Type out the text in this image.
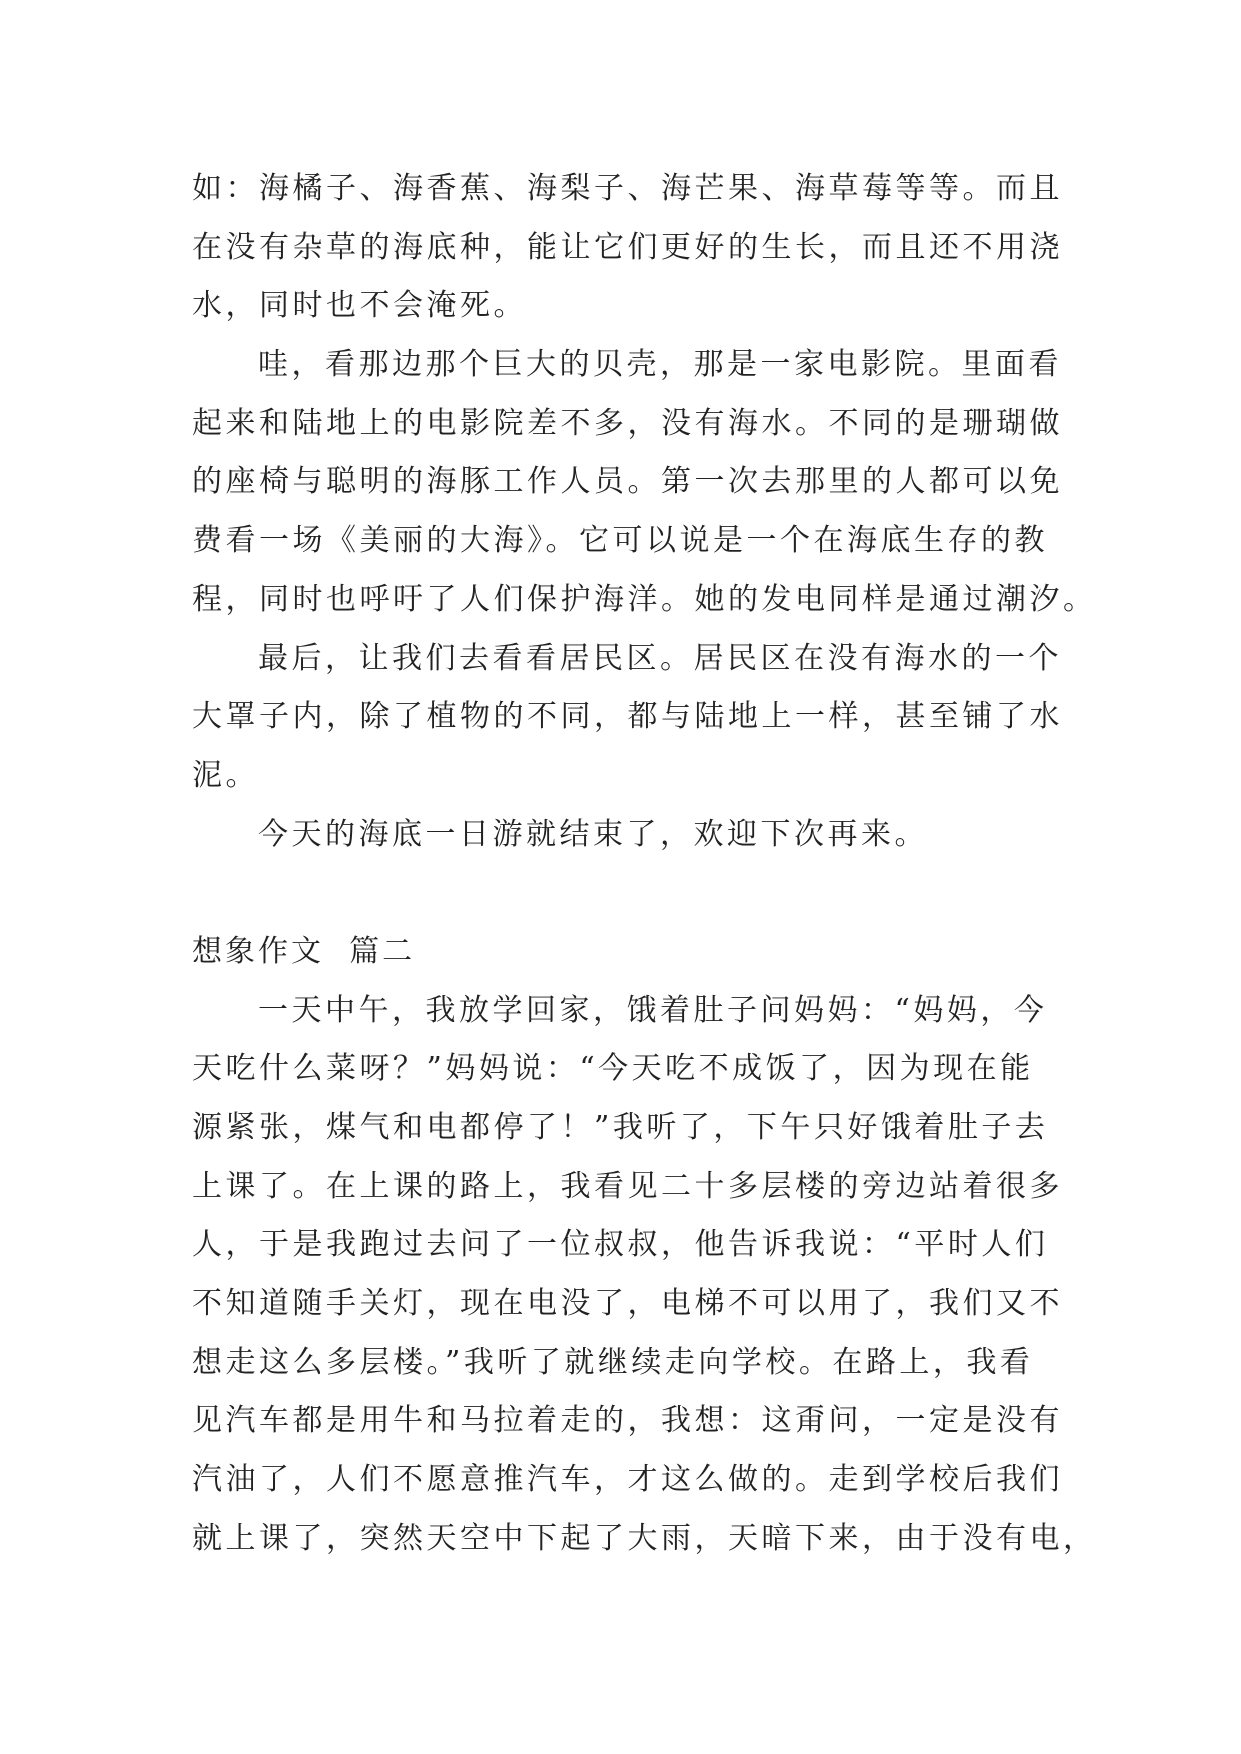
如：海橘子、海香蕉、海梨子、海芒果、海草莓等等。而且
在没有杂草的海底种，能让它们更好的生长，而且还不用浇
水，同时也不会淹死。
哇，看那边那个巨大的贝壳，那是一家电影院。里面看
起来和陆地上的电影院差不多，没有海水。不同的是珊瑚做
的座椅与聪明的海豚工作人员。第一次去那里的人都可以免
费看一场《美丽的大海》。它可以说是一个在海底生存的教
程，同时也呼吁了人们保护海洋。她的发电同样是通过潮汐。
最后，让我们去看看居民区。居民区在没有海水的一个
大罩子内，除了植物的不同，都与陆地上一样，甚至铺了水
泥。
今天的海底一日游就结束了，欢迎下次再来。
想象作文  篇二
一天中午，我放学回家，饿着肚子问妈妈：“妈妈，今
天吃什么菜呀？”妈妈说：“今天吃不成饭了，因为现在能
源紧张，煤气和电都停了！”我听了，下午只好饿着肚子去
上课了。在上课的路上，我看见二十多层楼的旁边站着很多
人，于是我跑过去问了一位叔叔，他告诉我说：“平时人们
不知道随手关灯，现在电没了，电梯不可以用了，我们又不
想走这么多层楼。”我听了就继续走向学校。在路上，我看
见汽车都是用牛和马拉着走的，我想：这甭问，一定是没有
汽油了，人们不愿意推汽车，才这么做的。走到学校后我们
就上课了，突然天空中下起了大雨，天暗下来，由于没有电，
